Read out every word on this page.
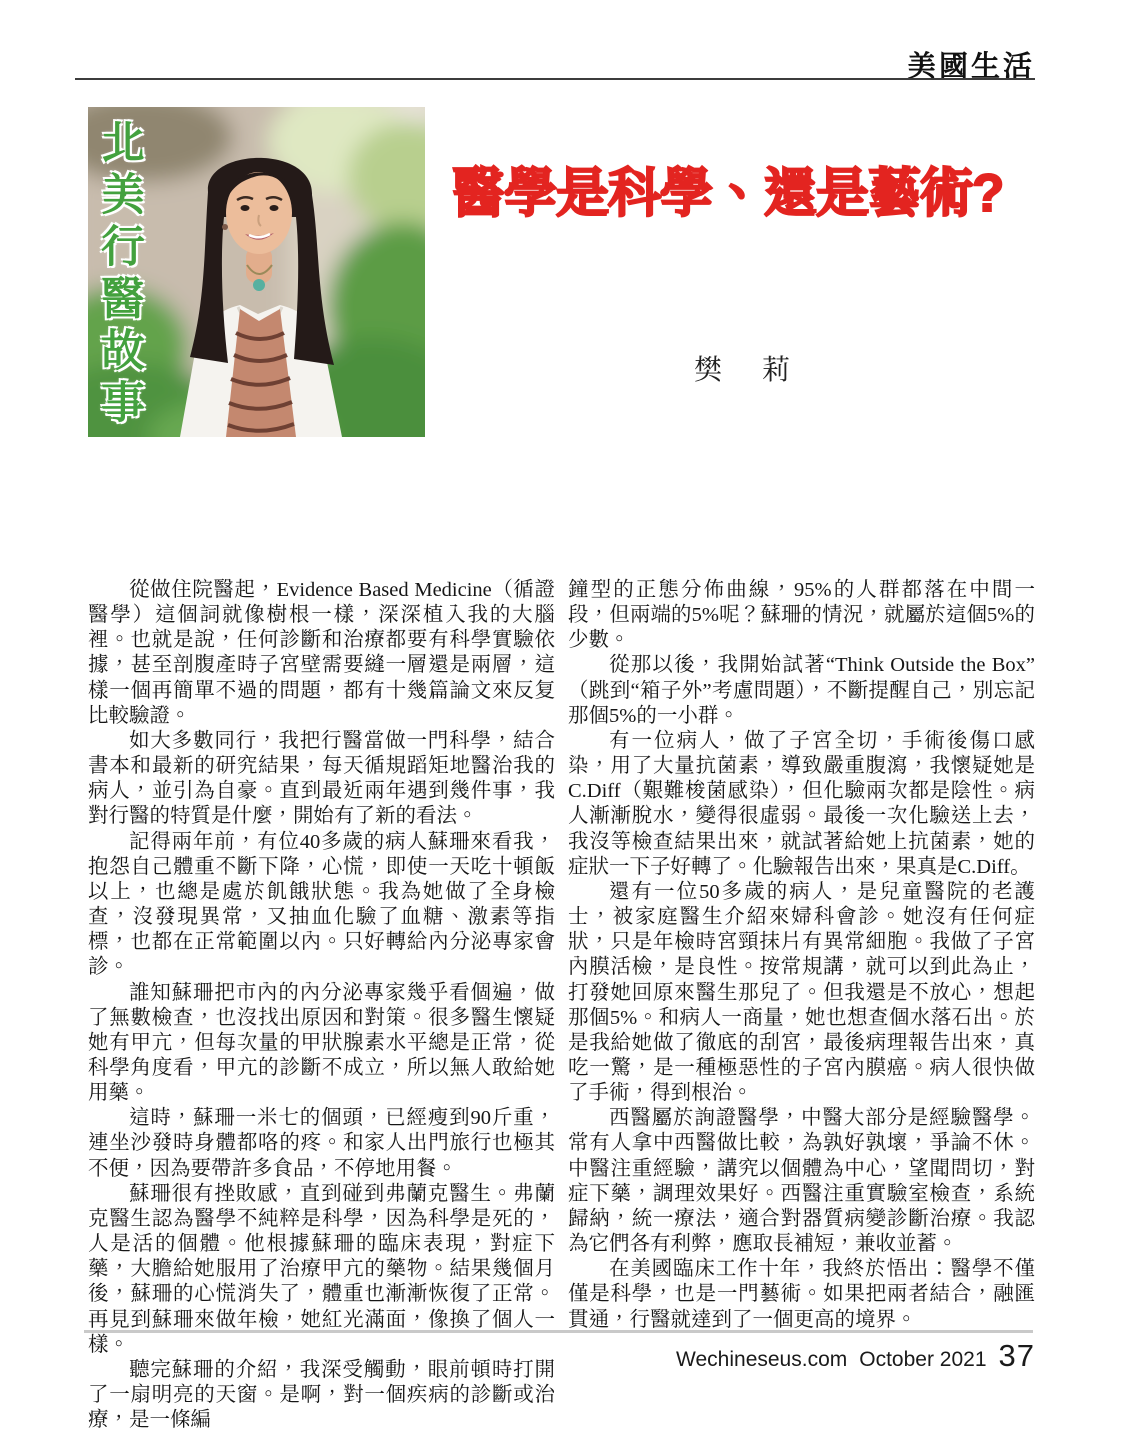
美國生活
北美行醫故事	醫學是科學、還是藝術?
樊　莉

從做住院醫起，Evidence Based Medicine（循證醫學）這個詞就像樹根一樣，深深植入我的大腦裡。也就是說，任何診斷和治療都要有科學實驗依據，甚至剖腹產時子宮壁需要縫一層還是兩層，這樣一個再簡單不過的問題，都有十幾篇論文來反复比較驗證。

如大多數同行，我把行醫當做一門科學，結合書本和最新的研究結果，每天循規蹈矩地醫治我的病人，並引為自豪。直到最近兩年遇到幾件事，我對行醫的特質是什麼，開始有了新的看法。

記得兩年前，有位40多歲的病人蘇珊來看我，抱怨自己體重不斷下降，心慌，即使一天吃十頓飯以上，也總是處於飢餓狀態。我為她做了全身檢查，沒發現異常，又抽血化驗了血糖、激素等指標，也都在正常範圍以內。只好轉給內分泌專家會診。

誰知蘇珊把市內的內分泌專家幾乎看個遍，做了無數檢查，也沒找出原因和對策。很多醫生懷疑她有甲亢，但每次量的甲狀腺素水平總是正常，從科學角度看，甲亢的診斷不成立，所以無人敢給她用藥。

這時，蘇珊一米七的個頭，已經瘦到90斤重，連坐沙發時身體都咯的疼。和家人出門旅行也極其不便，因為要帶許多食品，不停地用餐。

蘇珊很有挫敗感，直到碰到弗蘭克醫生。弗蘭克醫生認為醫學不純粹是科學，因為科學是死的，人是活的個體。他根據蘇珊的臨床表現，對症下藥，大膽給她服用了治療甲亢的藥物。結果幾個月後，蘇珊的心慌消失了，體重也漸漸恢復了正常。再見到蘇珊來做年檢，她紅光滿面，像換了個人一樣。

聽完蘇珊的介紹，我深受觸動，眼前頓時打開了一扇明亮的天窗。是啊，對一個疾病的診斷或治療，是一條編

鐘型的正態分佈曲線，95%的人群都落在中間一段，但兩端的5%呢？蘇珊的情況，就屬於這個5%的少數。

從那以後，我開始試著“Think Outside the Box”（跳到“箱子外”考慮問題），不斷提醒自己，別忘記那個5%的一小群。

有一位病人，做了子宮全切，手術後傷口感染，用了大量抗菌素，導致嚴重腹瀉，我懷疑她是C.Diff（艱難梭菌感染），但化驗兩次都是陰性。病人漸漸脫水，變得很虛弱。最後一次化驗送上去，我沒等檢查結果出來，就試著給她上抗菌素，她的症狀一下子好轉了。化驗報告出來，果真是C.Diff。

還有一位50多歲的病人，是兒童醫院的老護士，被家庭醫生介紹來婦科會診。她沒有任何症狀，只是年檢時宮頸抹片有異常細胞。我做了子宮內膜活檢，是良性。按常規講，就可以到此為止，打發她回原來醫生那兒了。但我還是不放心，想起那個5%。和病人一商量，她也想查個水落石出。於是我給她做了徹底的刮宮，最後病理報告出來，真吃一驚，是一種極惡性的子宮內膜癌。病人很快做了手術，得到根治。

西醫屬於詢證醫學，中醫大部分是經驗醫學。常有人拿中西醫做比較，為孰好孰壞，爭論不休。中醫注重經驗，講究以個體為中心，望聞問切，對症下藥，調理效果好。西醫注重實驗室檢查，系統歸納，統一療法，適合對器質病變診斷治療。我認為它們各有利弊，應取長補短，兼收並蓄。

在美國臨床工作十年，我終於悟出：醫學不僅僅是科學，也是一門藝術。如果把兩者結合，融匯貫通，行醫就達到了一個更高的境界。

Wechineseus.com October 2021 37
